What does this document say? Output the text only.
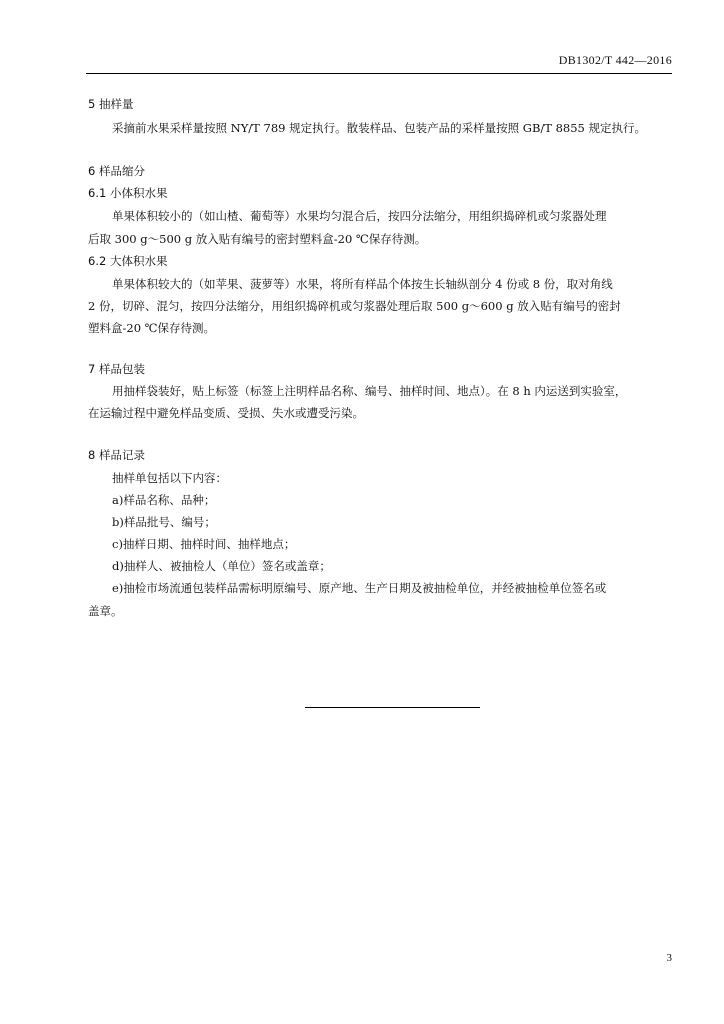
DB1302/T 442—2016
5 抽样量
采摘前水果采样量按照 NY/T 789 规定执行。散装样品、包装产品的采样量按照 GB/T 8855 规定执行。
6 样品缩分
6.1 小体积水果
单果体积较小的（如山楂、葡萄等）水果均匀混合后，按四分法缩分，用组织捣碎机或匀浆器处理
后取 300 g～500 g 放入贴有编号的密封塑料盒-20 ℃保存待测。
6.2 大体积水果
单果体积较大的（如苹果、菠萝等）水果，将所有样品个体按生长轴纵剖分 4 份或 8 份，取对角线
2 份，切碎、混匀，按四分法缩分，用组织捣碎机或匀浆器处理后取 500 g～600 g 放入贴有编号的密封
塑料盒-20 ℃保存待测。
7 样品包装
用抽样袋装好，贴上标签（标签上注明样品名称、编号、抽样时间、地点）。在 8 h 内运送到实验室，
在运输过程中避免样品变质、受损、失水或遭受污染。
8 样品记录
抽样单包括以下内容：
a)样品名称、品种；
b)样品批号、编号；
c)抽样日期、抽样时间、抽样地点；
d)抽样人、被抽检人（单位）签名或盖章；
e)抽检市场流通包装样品需标明原编号、原产地、生产日期及被抽检单位，并经被抽检单位签名或
盖章。
3
